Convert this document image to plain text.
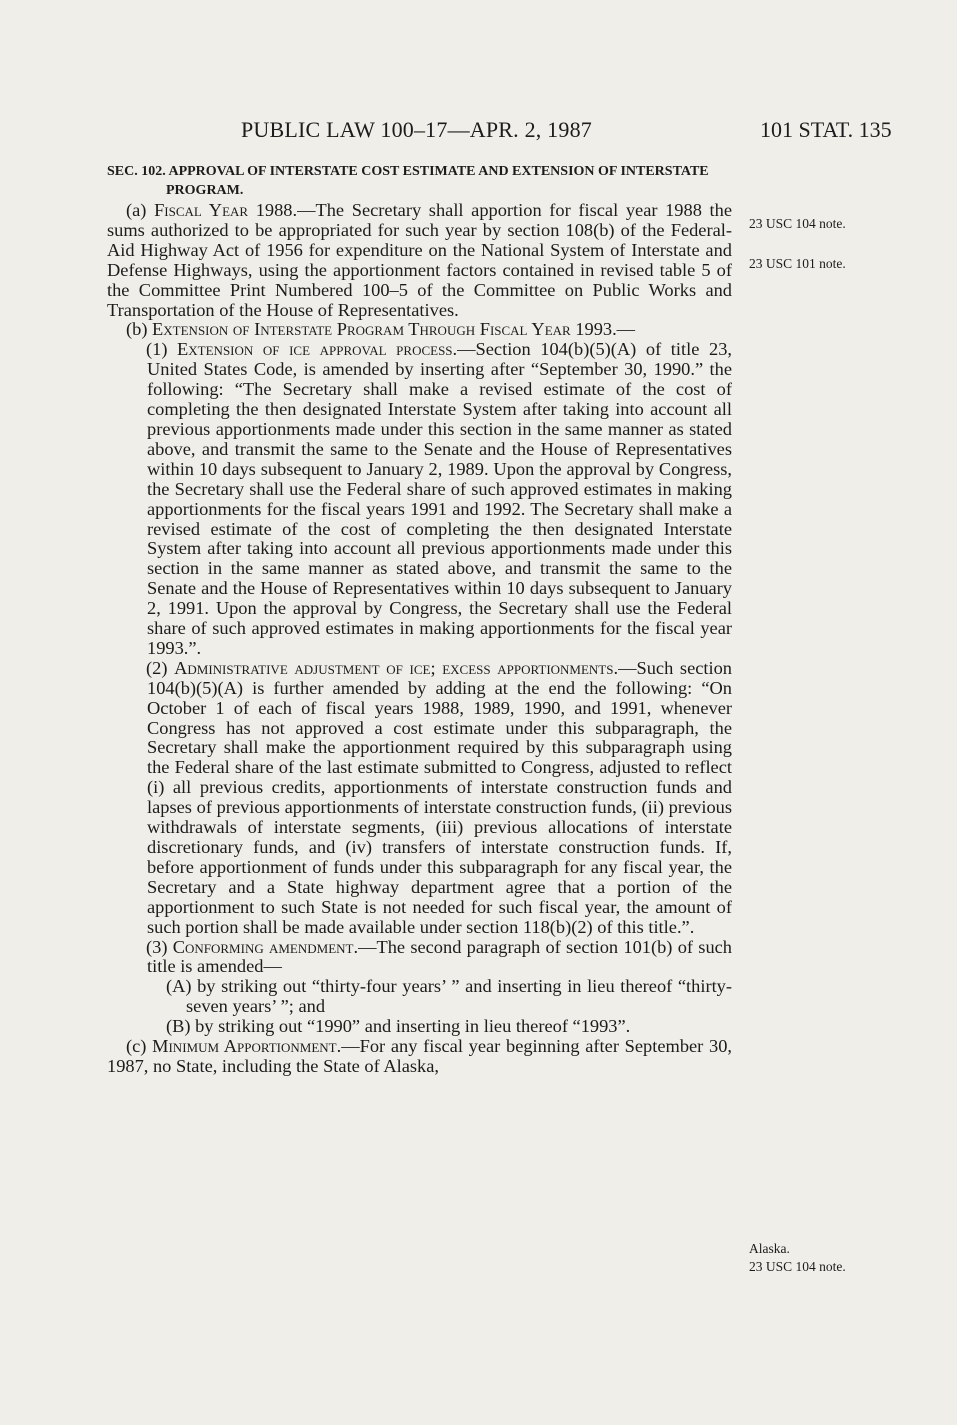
PUBLIC LAW 100–17—APR. 2, 1987	101 STAT. 135

SEC. 102. APPROVAL OF INTERSTATE COST ESTIMATE AND EXTENSION OF INTERSTATE PROGRAM.

(a) Fiscal Year 1988.—The Secretary shall apportion for fiscal year 1988 the sums authorized to be appropriated for such year by section 108(b) of the Federal-Aid Highway Act of 1956 for expenditure on the National System of Interstate and Defense Highways, using the apportionment factors contained in revised table 5 of the Committee Print Numbered 100–5 of the Committee on Public Works and Transportation of the House of Representatives.

(b) Extension of Interstate Program Through Fiscal Year 1993.—

(1) Extension of ice approval process.—Section 104(b)(5)(A) of title 23, United States Code, is amended by inserting after “September 30, 1990.” the following: “The Secretary shall make a revised estimate of the cost of completing the then designated Interstate System after taking into account all previous apportionments made under this section in the same manner as stated above, and transmit the same to the Senate and the House of Representatives within 10 days subsequent to January 2, 1989. Upon the approval by Congress, the Secretary shall use the Federal share of such approved estimates in making apportionments for the fiscal years 1991 and 1992. The Secretary shall make a revised estimate of the cost of completing the then designated Interstate System after taking into account all previous apportionments made under this section in the same manner as stated above, and transmit the same to the Senate and the House of Representatives within 10 days subsequent to January 2, 1991. Upon the approval by Congress, the Secretary shall use the Federal share of such approved estimates in making apportionments for the fiscal year 1993.”.

(2) Administrative adjustment of ice; excess apportionments.—Such section 104(b)(5)(A) is further amended by adding at the end the following: “On October 1 of each of fiscal years 1988, 1989, 1990, and 1991, whenever Congress has not approved a cost estimate under this subparagraph, the Secretary shall make the apportionment required by this subparagraph using the Federal share of the last estimate submitted to Congress, adjusted to reflect (i) all previous credits, apportionments of interstate construction funds and lapses of previous apportionments of interstate construction funds, (ii) previous withdrawals of interstate segments, (iii) previous allocations of interstate discretionary funds, and (iv) transfers of interstate construction funds. If, before apportionment of funds under this subparagraph for any fiscal year, the Secretary and a State highway department agree that a portion of the apportionment to such State is not needed for such fiscal year, the amount of such portion shall be made available under section 118(b)(2) of this title.”.

(3) Conforming amendment.—The second paragraph of section 101(b) of such title is amended—

(A) by striking out “thirty-four years’ ” and inserting in lieu thereof “thirty-seven years’ ”; and

(B) by striking out “1990” and inserting in lieu thereof “1993”.

(c) Minimum Apportionment.—For any fiscal year beginning after September 30, 1987, no State, including the State of Alaska,

23 USC 104 note.
23 USC 101 note.
Alaska.
23 USC 104 note.
